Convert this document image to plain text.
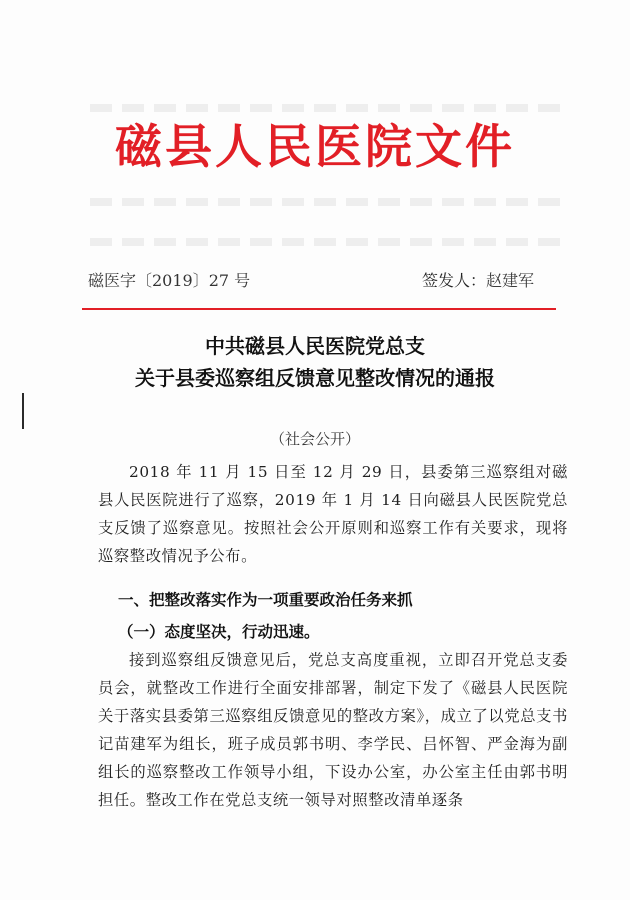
磁县人民医院文件
磁医字〔2019〕27 号	签发人：赵建军
中共磁县人民医院党总支
关于县委巡察组反馈意见整改情况的通报
（社会公开）
2018 年 11 月 15 日至 12 月 29 日，县委第三巡察组对磁县人民医院进行了巡察，2019 年 1 月 14 日向磁县人民医院党总支反馈了巡察意见。按照社会公开原则和巡察工作有关要求，现将巡察整改情况予公布。
一、把整改落实作为一项重要政治任务来抓
（一）态度坚决，行动迅速。
接到巡察组反馈意见后，党总支高度重视，立即召开党总支委员会，就整改工作进行全面安排部署，制定下发了《磁县人民医院关于落实县委第三巡察组反馈意见的整改方案》，成立了以党总支书记苗建军为组长，班子成员郭书明、李学民、吕怀智、严金海为副组长的巡察整改工作领导小组，下设办公室，办公室主任由郭书明担任。整改工作在党总支统一领导对照整改清单逐条
